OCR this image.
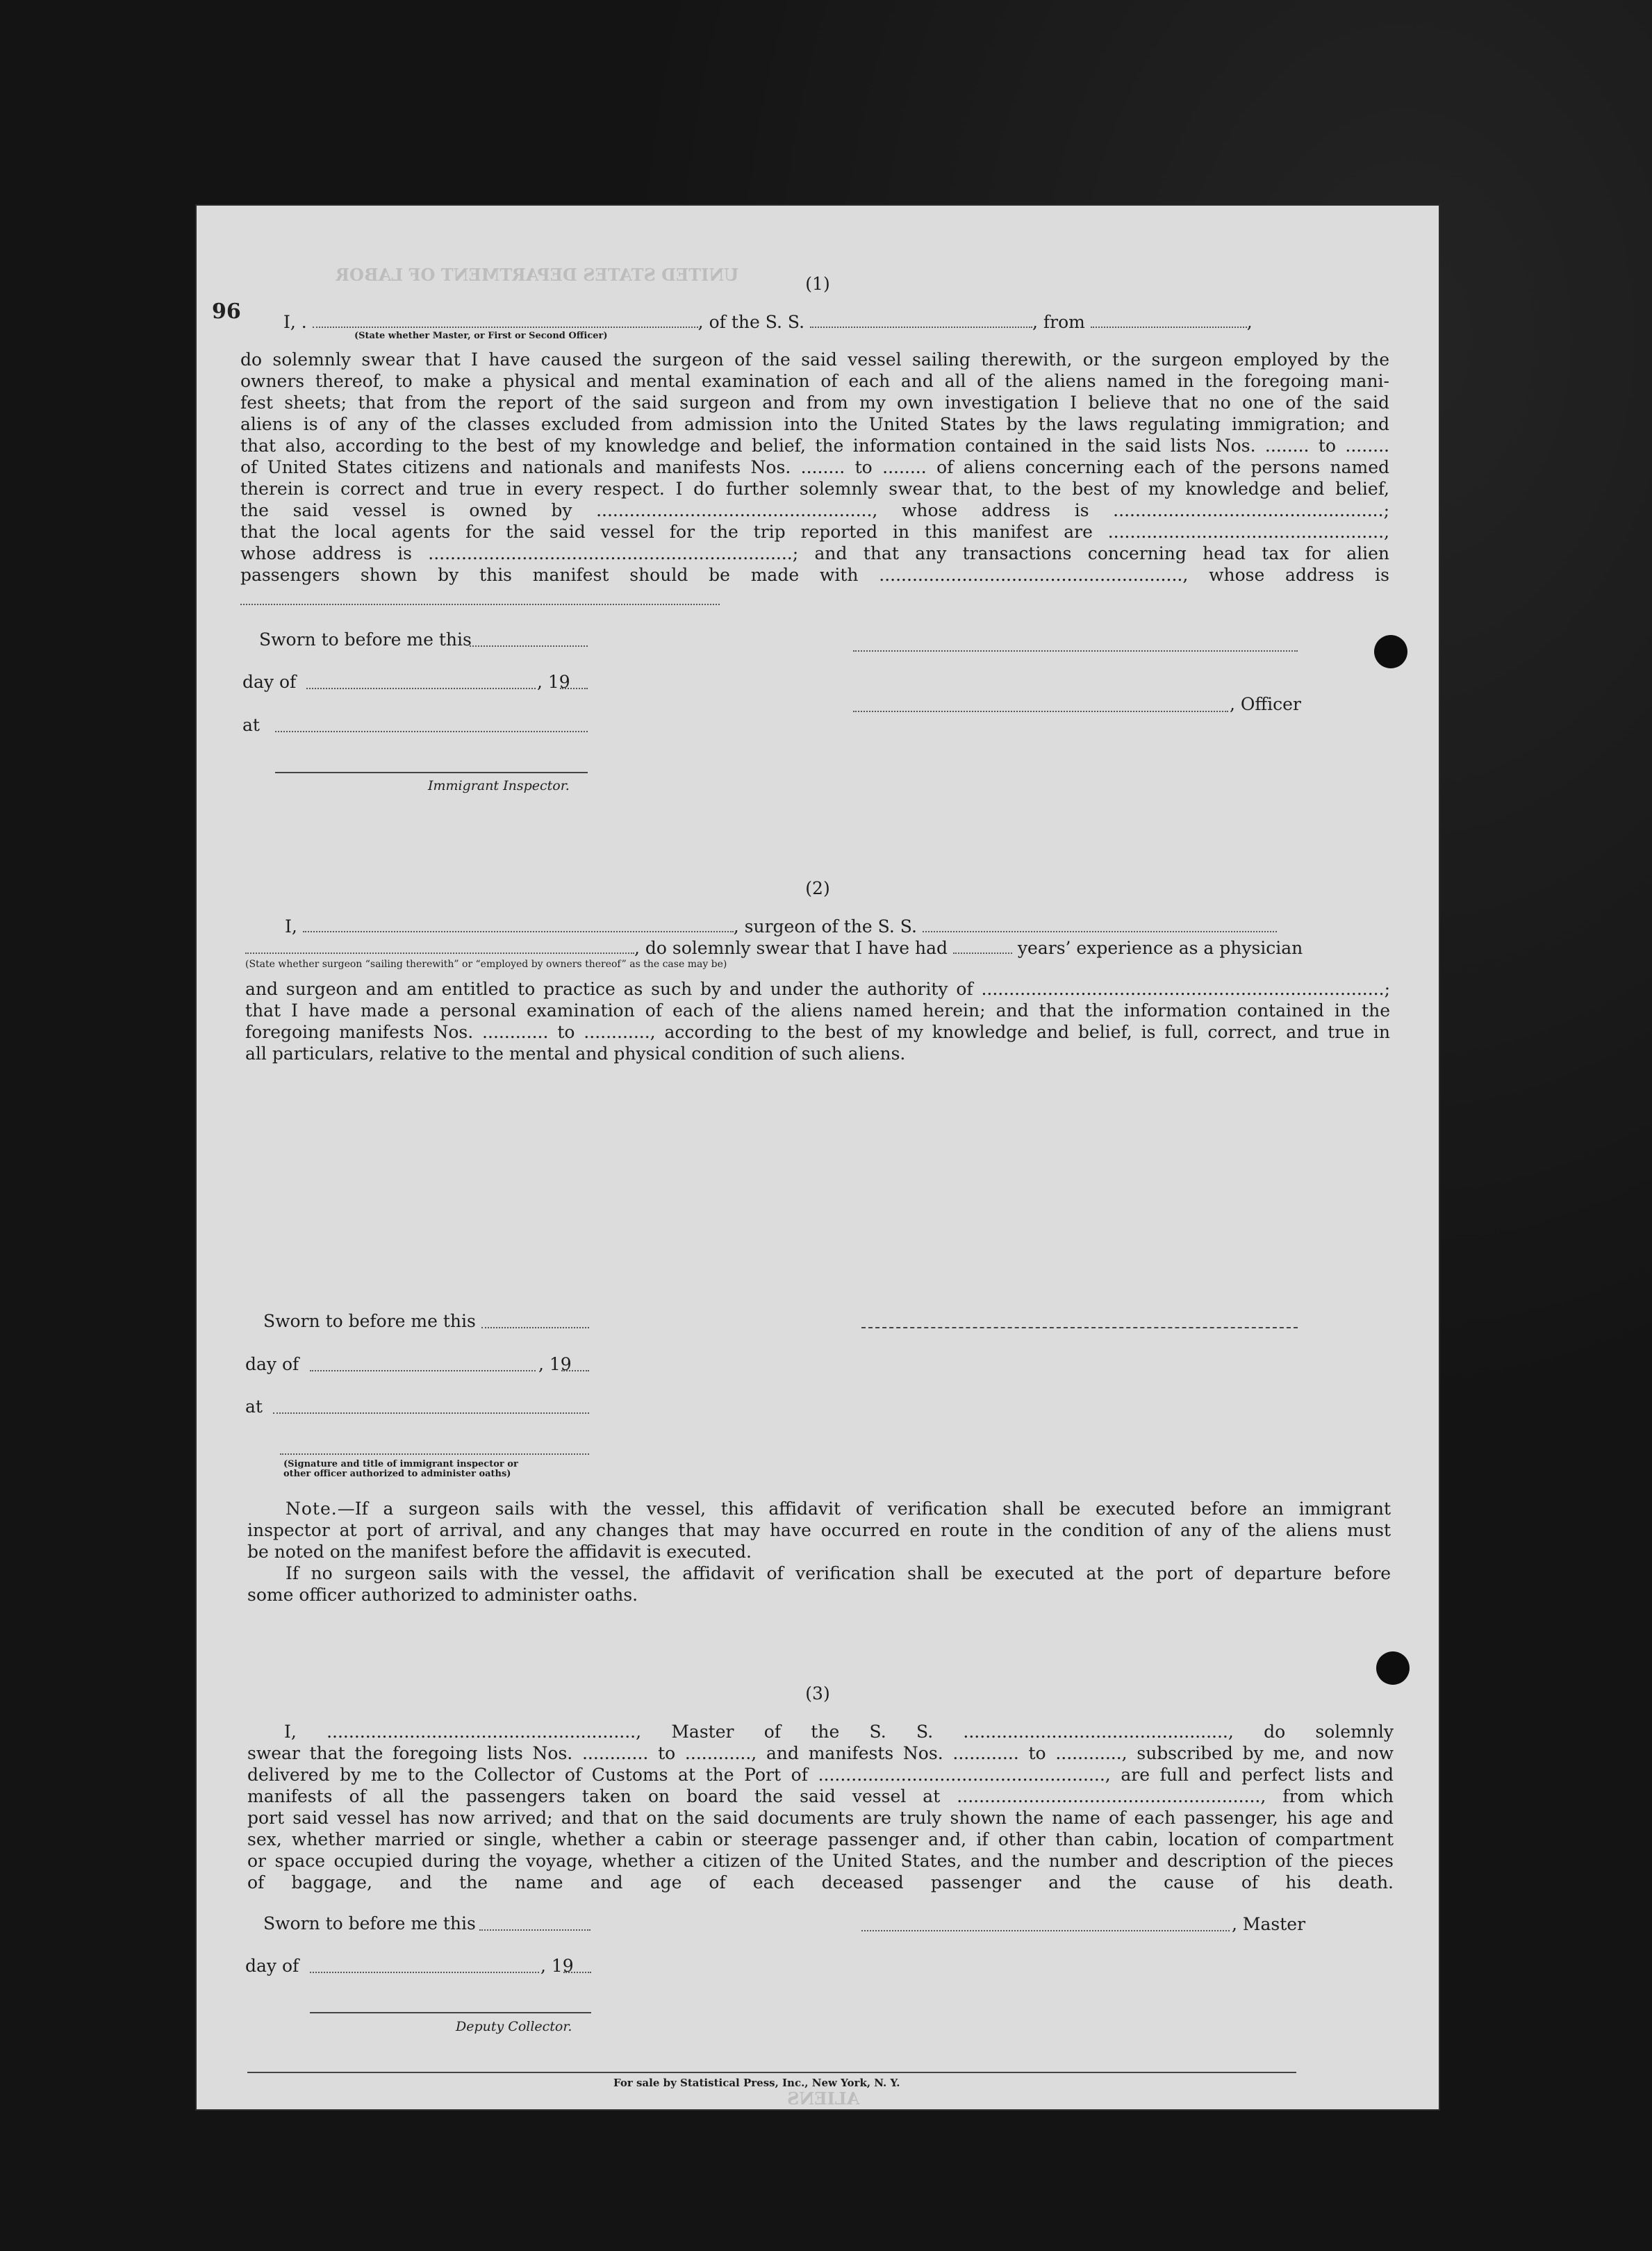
UNITED STATES DEPARTMENT OF LABOR
ALIENS
96
(1)
I, .	, of the S. S.	, from	,
(State whether Master, or First or Second Officer)

do solemnly swear that I have caused the surgeon of the said vessel sailing therewith, or the surgeon employed by the

owners thereof, to make a physical and mental examination of each and all of the aliens named in the foregoing mani-

fest sheets; that from the report of the said surgeon and from my own investigation I believe that no one of the said

aliens is of any of the classes excluded from admission into the United States by the laws regulating immigration; and

that also, according to the best of my knowledge and belief, the information contained in the said lists Nos. ........ to ........

of United States citizens and nationals and manifests Nos. ........ to ........ of aliens concerning each of the persons named

therein is correct and true in every respect. I do further solemnly swear that, to the best of my knowledge and belief,

the said vessel is owned by .................................................., whose address is .................................................;

that the local agents for the said vessel for the trip reported in this manifest are ..................................................,

whose address is ..................................................................; and that any transactions concerning head tax for alien

passengers shown by this manifest should be made with ......................................................., whose address is

Sworn to before me this
day of	, 19
at
Immigrant Inspector.
, Officer
(2)
I,	, surgeon of the S. S.
, do solemnly swear that I have had	years’ experience as a physician
(State whether surgeon “sailing therewith” or “employed by owners thereof” as the case may be)

and surgeon and am entitled to practice as such by and under the authority of .........................................................................;

that I have made a personal examination of each of the aliens named herein; and that the information contained in the

foregoing manifests Nos. ............ to ............, according to the best of my knowledge and belief, is full, correct, and true in

all particulars, relative to the mental and physical condition of such aliens.

Sworn to before me this
day of	, 19
at
(Signature and title of immigrant inspector or
other officer authorized to administer oaths)

Note.—If a surgeon sails with the vessel, this affidavit of verification shall be executed before an immigrant

inspector at port of arrival, and any changes that may have occurred en route in the condition of any of the aliens must

be noted on the manifest before the affidavit is executed.

If no surgeon sails with the vessel, the affidavit of verification shall be executed at the port of departure before

some officer authorized to administer oaths.

(3)

I, ........................................................, Master of the S. S. ................................................, do solemnly

swear that the foregoing lists Nos. ............ to ............, and manifests Nos. ............ to ............, subscribed by me, and now

delivered by me to the Collector of Customs at the Port of ...................................................., are full and perfect lists and

manifests of all the passengers taken on board the said vessel at ......................................................., from which

port said vessel has now arrived; and that on the said documents are truly shown the name of each passenger, his age and

sex, whether married or single, whether a cabin or steerage passenger and, if other than cabin, location of compartment

or space occupied during the voyage, whether a citizen of the United States, and the number and description of the pieces

of baggage, and the name and age of each deceased passenger and the cause of his death.

Sworn to before me this
day of	, 19
Deputy Collector.
, Master
For sale by Statistical Press, Inc., New York, N. Y.
